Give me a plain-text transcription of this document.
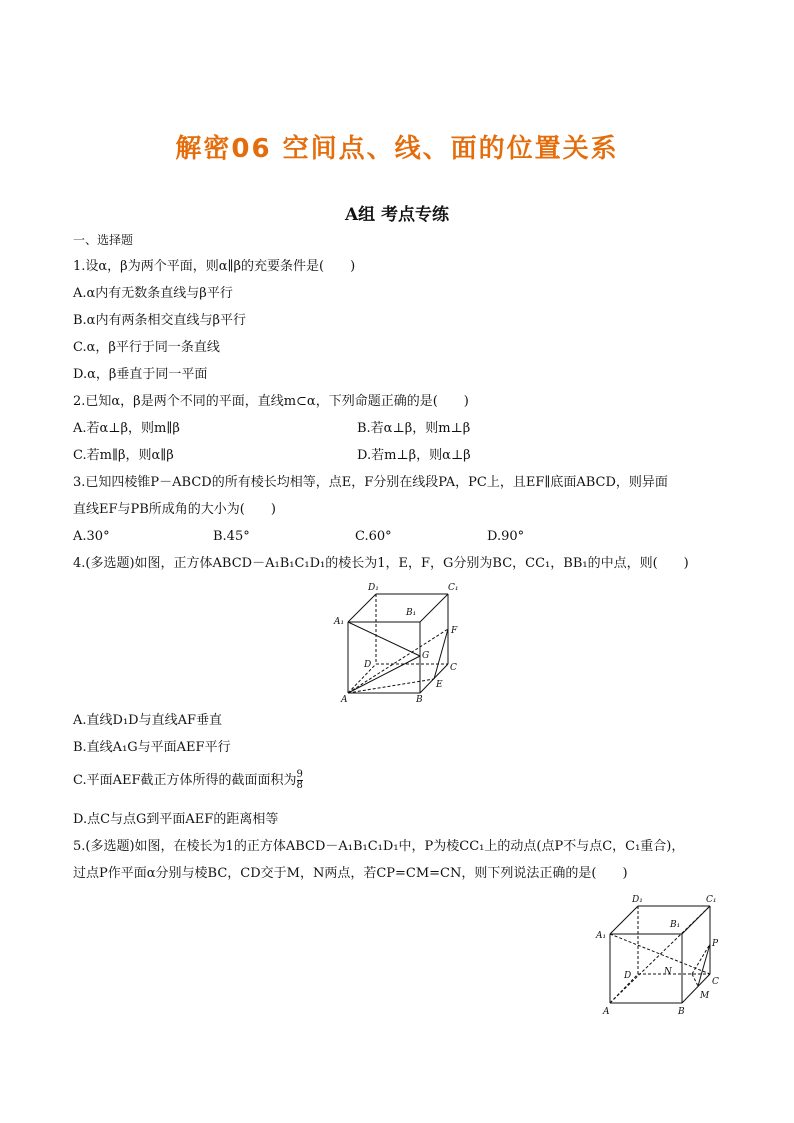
解密06 空间点、线、面的位置关系
A组 考点专练
一、选择题
1.设α，β为两个平面，则α∥β的充要条件是(　　)
A.α内有无数条直线与β平行
B.α内有两条相交直线与β平行
C.α，β平行于同一条直线
D.α，β垂直于同一平面
2.已知α，β是两个不同的平面，直线m⊂α，下列命题正确的是(　　)
A.若α⊥β，则m∥β	B.若α⊥β，则m⊥β
C.若m∥β，则α∥β	D.若m⊥β，则α⊥β
3.已知四棱锥P－ABCD的所有棱长均相等，点E，F分别在线段PA，PC上，且EF∥底面ABCD，则异面
直线EF与PB所成角的大小为(　　)
A.30°	B.45°	C.60°	D.90°
4.(多选题)如图，正方体ABCD－A₁B₁C₁D₁的棱长为1，E，F，G分别为BC，CC₁，BB₁的中点，则(　　)
D₁	C₁
B₁
A₁
F
G
D	C
E
A	B
A.直线D₁D与直线AF垂直
B.直线A₁G与平面AEF平行
C.平面AEF截正方体所得的截面面积为 $\frac{9}{8}$
D.点C与点G到平面AEF的距离相等
5.(多选题)如图，在棱长为1的正方体ABCD－A₁B₁C₁D₁中，P为棱CC₁上的动点(点P不与点C，C₁重合)，
过点P作平面α分别与棱BC，CD交于M，N两点，若CP=CM=CN，则下列说法正确的是(　　)
D₁	C₁
B₁
A₁
P
D	N
C
M
A	B
